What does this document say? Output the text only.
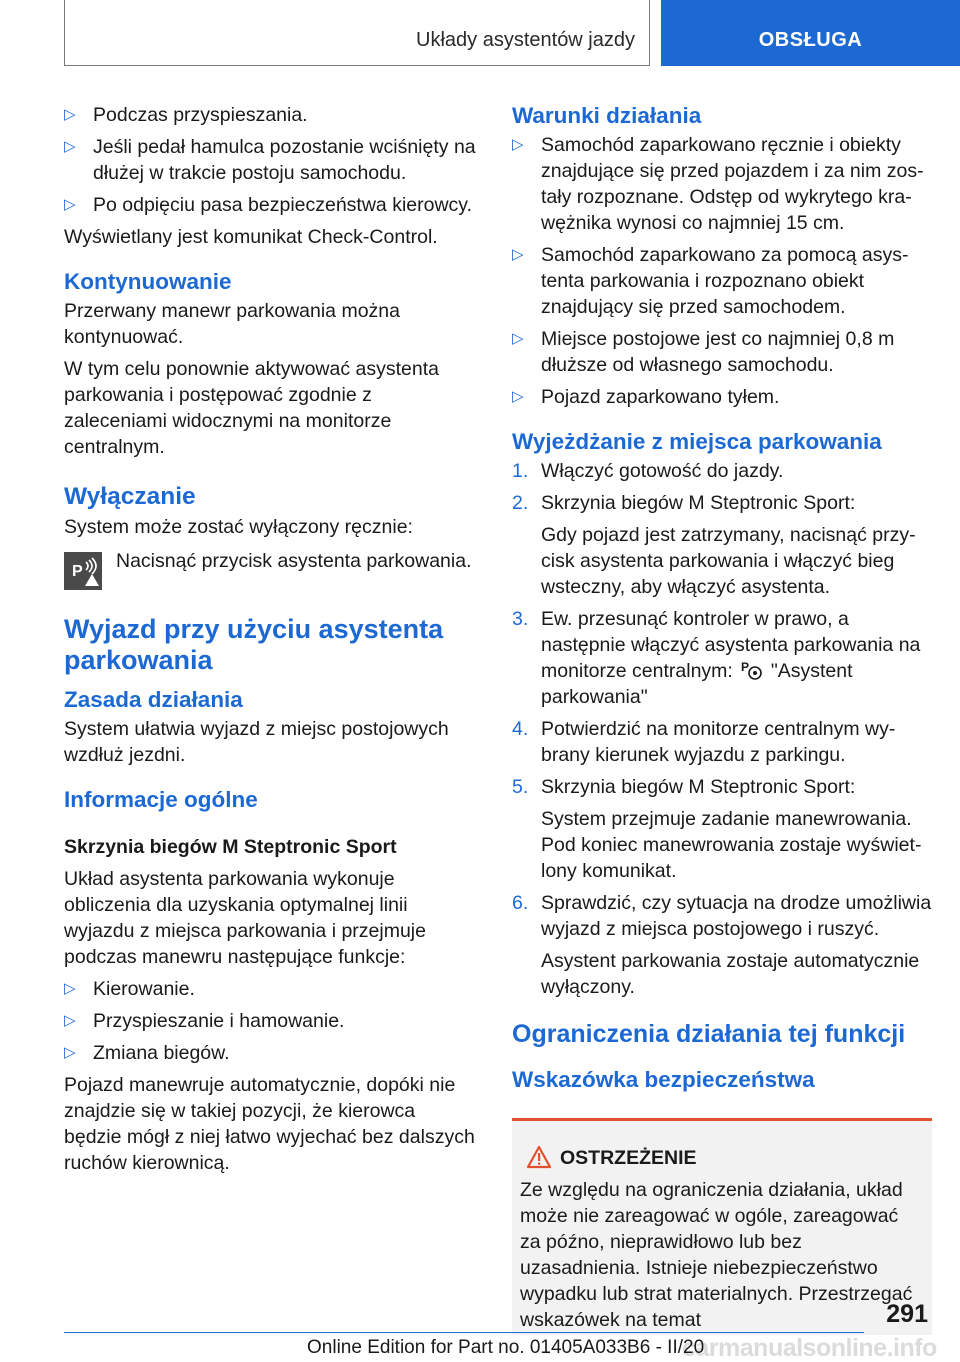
Układy asystentów jazdy	OBSŁUGA
▷ Podczas przyspieszania.
▷ Jeśli pedał hamulca pozostanie wciśnięty na dłużej w trakcie postoju samochodu.
▷ Po odpięciu pasa bezpieczeństwa kierowcy.

Wyświetlany jest komunikat Check-Control.

Kontynuowanie

Przerwany manewr parkowania można kontynuować.

W tym celu ponownie aktywować asystenta parkowania i postępować zgodnie z zaleceniami widocznymi na monitorze centralnym.

Wyłączanie

System może zostać wyłączony ręcznie:

P Nacisnąć przycisk asystenta parkowania.

Wyjazd przy użyciu asystenta parkowania
Zasada działania

System ułatwia wyjazd z miejsc postojowych wzdłuż jezdni.

Informacje ogólne
Skrzynia biegów M Steptronic Sport

Układ asystenta parkowania wykonuje obliczenia dla uzyskania optymalnej linii wyjazdu z miejsca parkowania i przejmuje podczas manewru następujące funkcje:

▷ Kierowanie.
▷ Przyspieszanie i hamowanie.
▷ Zmiana biegów.

Pojazd manewruje automatycznie, dopóki nie znajdzie się w takiej pozycji, że kierowca będzie mógł z niej łatwo wyjechać bez dalszych ruchów kierownicą.

Warunki działania
▷ Samochód zaparkowano ręcznie i obiekty znajdujące się przed pojazdem i za nim zostały rozpoznane. Odstęp od wykrytego krawężnika wynosi co najmniej 15 cm.
▷ Samochód zaparkowano za pomocą asystenta parkowania i rozpoznano obiekt znajdujący się przed samochodem.
▷ Miejsce postojowe jest co najmniej 0,8 m dłuższe od własnego samochodu.
▷ Pojazd zaparkowano tyłem.
Wyjeżdżanie z miejsca parkowania
1. Włączyć gotowość do jazdy.
2. Skrzynia biegów M Steptronic Sport:
Gdy pojazd jest zatrzymany, nacisnąć przycisk asystenta parkowania i włączyć bieg wsteczny, aby włączyć asystenta.
3. Ew. przesunąć kontroler w prawo, a następnie włączyć asystenta parkowania na monitorze centralnym: P "Asystent parkowania"
4. Potwierdzić na monitorze centralnym wybrany kierunek wyjazdu z parkingu.
5. Skrzynia biegów M Steptronic Sport:
System przejmuje zadanie manewrowania. Pod koniec manewrowania zostaje wyświetlony komunikat.
6. Sprawdzić, czy sytuacja na drodze umożliwia wyjazd z miejsca postojowego i ruszyć.
Asystent parkowania zostaje automatycznie wyłączony.
Ograniczenia działania tej funkcji
Wskazówka bezpieczeństwa
OSTRZEŻENIE

Ze względu na ograniczenia działania, układ może nie zareagować w ogóle, zareagować za późno, nieprawidłowo lub bez uzasadnienia. Istnieje niebezpieczeństwo wypadku lub strat materialnych. Przestrzegać wskazówek na temat	291
carmanualsonline.info
Online Edition for Part no. 01405A033B6 - II/20
